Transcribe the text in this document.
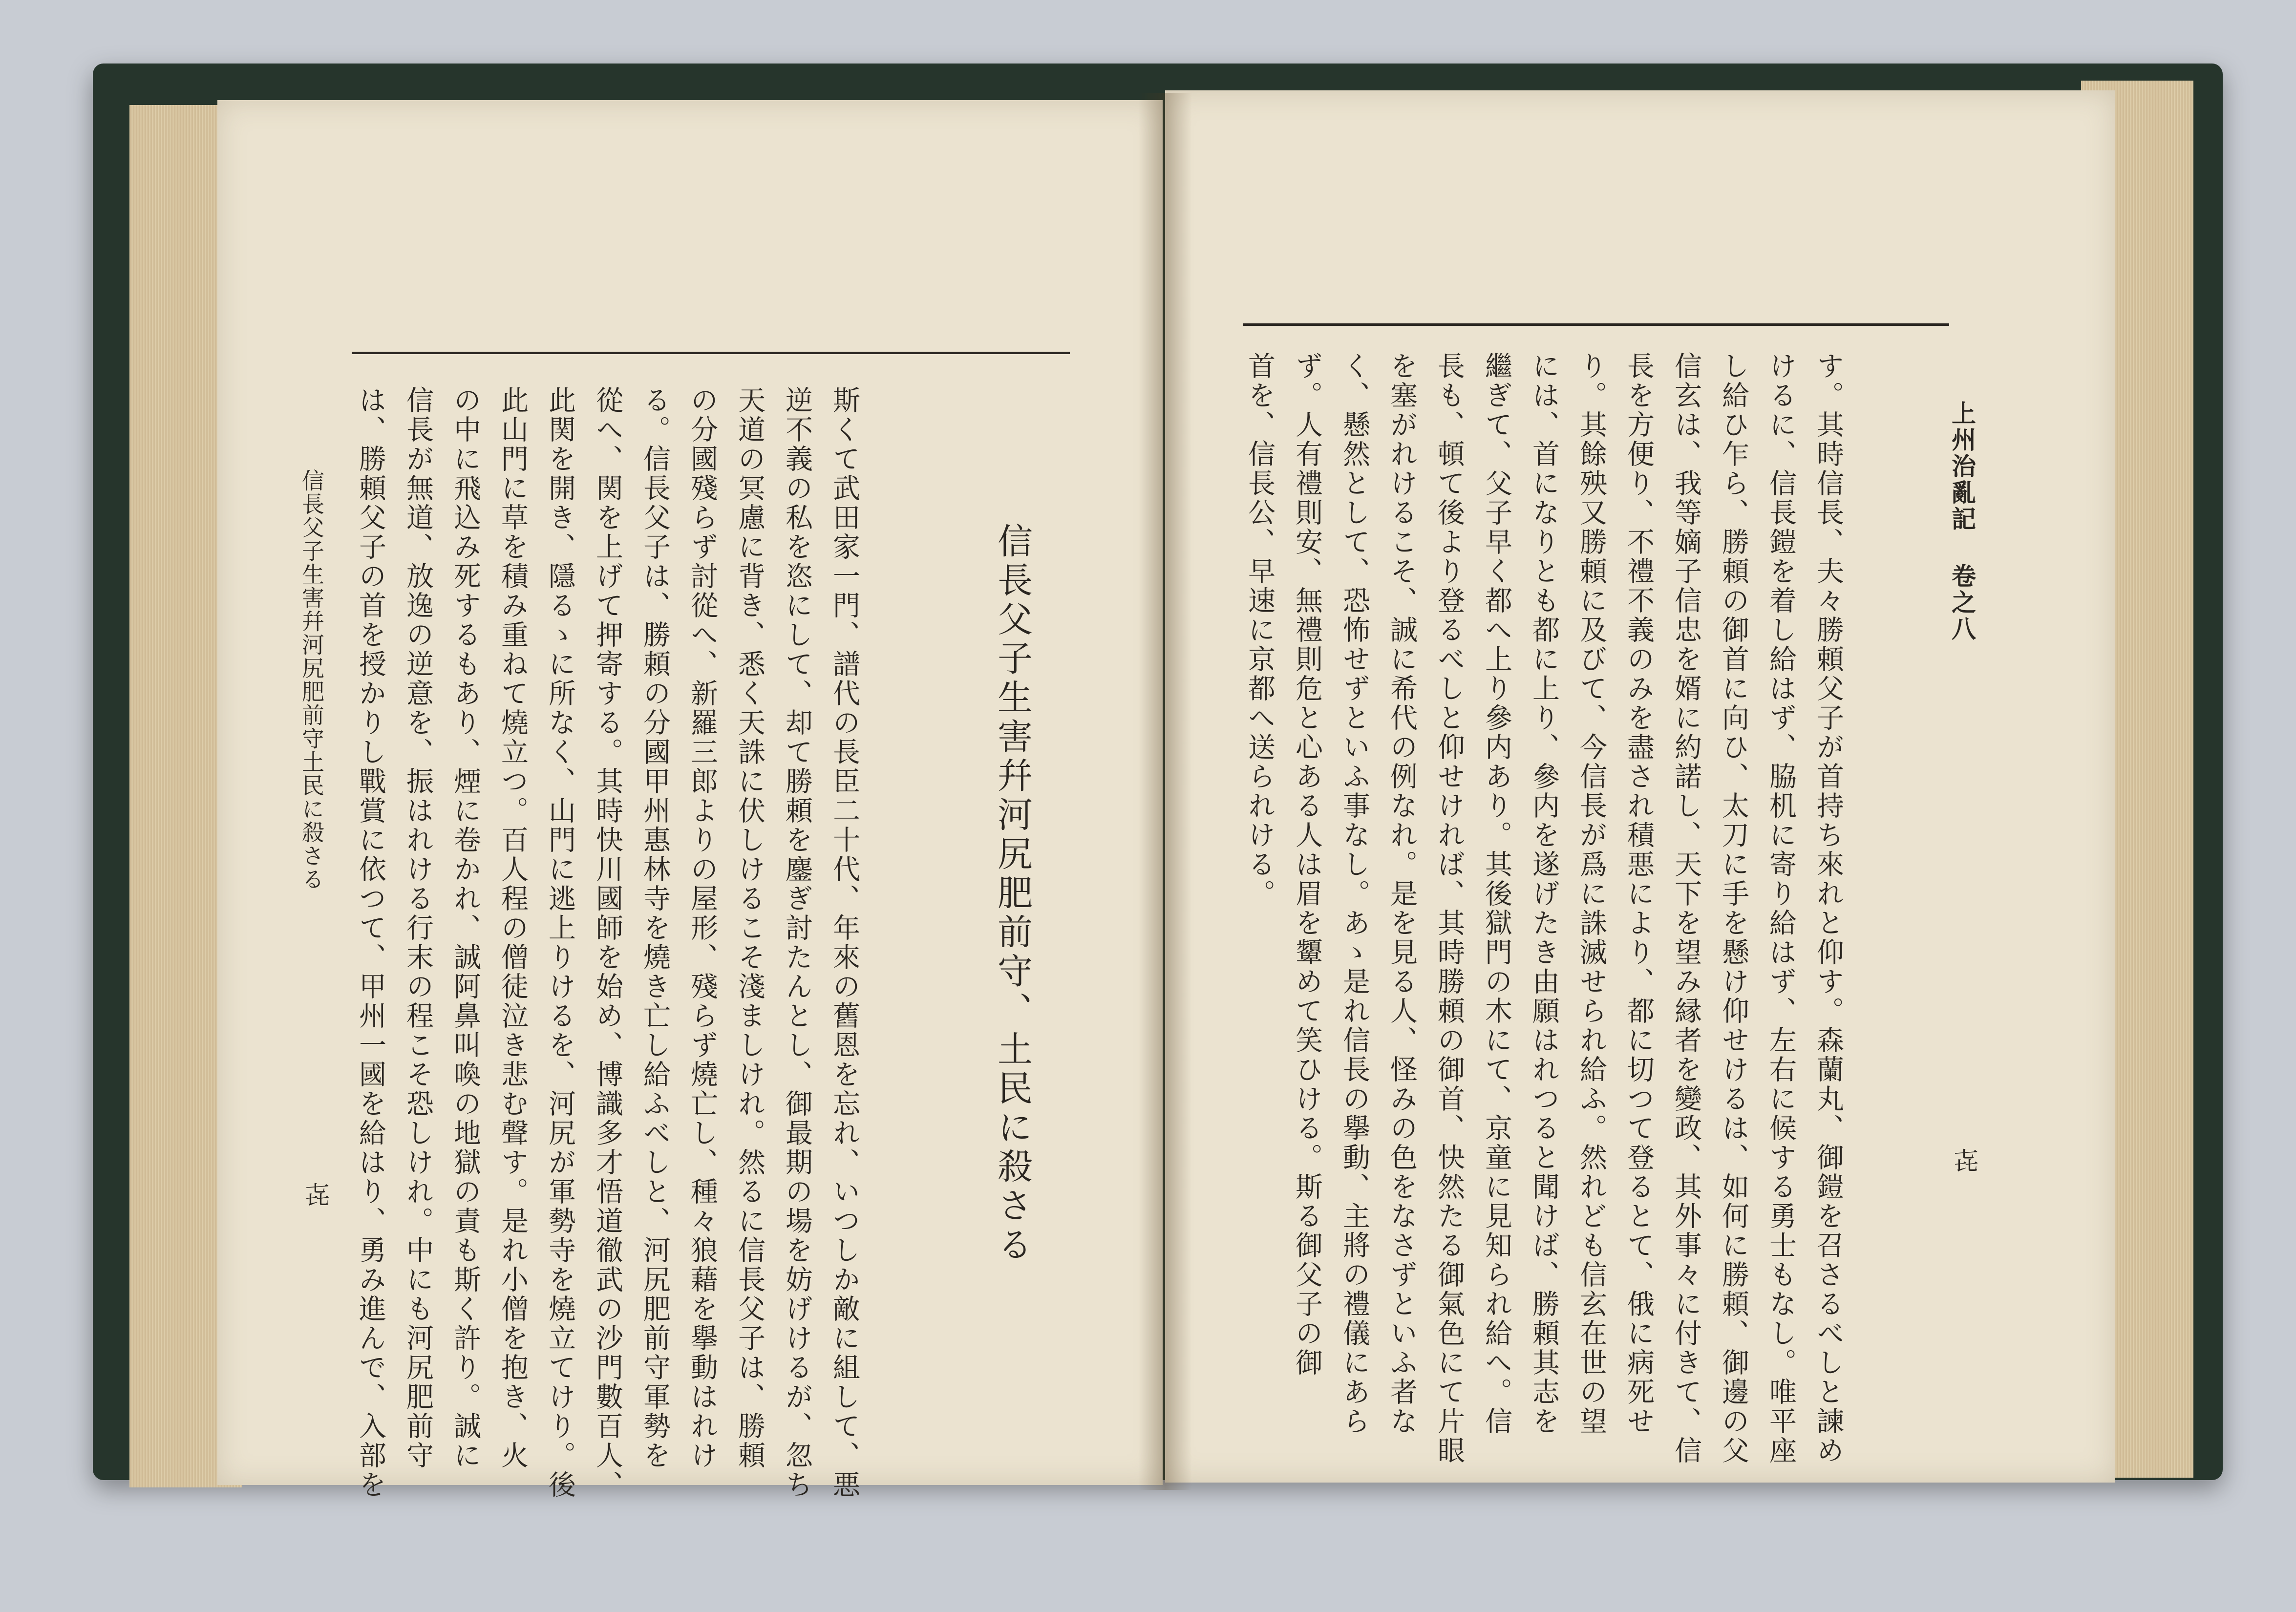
信長父子生害幷河尻肥前守土民に殺さる

㐂 は、勝頼父子の首を授かりし戰賞に依つて、甲州一國を給はり、勇み進んで、入部を 信長が無道、放逸の逆意を、振はれける行末の程こそ恐しけれ。中にも河尻肥前守 の中に飛込み死するもあり、煙に卷かれ、誠阿鼻叫喚の地獄の責も斯く許り。誠に 此山門に草を積み重ねて燒立つ。百人程の僧徒泣き悲む聲す。是れ小僧を抱き、火 此関を開き、隱るゝに所なく、山門に逃上りけるを、河尻が軍勢寺を燒立てけり。後 從へ、関を上げて押寄する。其時快川國師を始め、博識多才悟道徹武の沙門數百人、 る。信長父子は、勝頼の分國甲州惠林寺を燒き亡し給ふべしと、河尻肥前守軍勢を の分國殘らず討從へ、新羅三郎よりの屋形、殘らず燒亡し、種々狼藉を擧動はれけ 天道の冥慮に背き、悉く天誅に伏しけるこそ淺ましけれ。然るに信長父子は、勝頼 逆不義の私を恣にして、却て勝頼を鏖ぎ討たんとし、御最期の場を妨げけるが、忽ち 斯くて武田家一門、譜代の長臣二十代、年來の舊恩を忘れ、いつしか敵に組して、悪	信長父子生害幷河尻肥前守、土民に殺さる	首を、信長公、早速に京都へ送られける。 ず。人有禮則安、無禮則危と心ある人は眉を顰めて笑ひける。斯る御父子の御 く、懸然として、恐怖せずといふ事なし。あゝ是れ信長の擧動、主將の禮儀にあら を塞がれけるこそ、誠に希代の例なれ。是を見る人、怪みの色をなさずといふ者な 長も、頓て後より登るべしと仰せければ、其時勝頼の御首、快然たる御氣色にて片眼 繼ぎて、父子早く都へ上り參内あり。其後獄門の木にて、京童に見知られ給へ。信 には、首になりとも都に上り、參内を遂げたき由願はれつると聞けば、勝頼其志を り。其餘殃又勝頼に及びて、今信長が爲に誅滅せられ給ふ。然れども信玄在世の望 長を方便り、不禮不義のみを盡され積悪により、都に切つて登るとて、俄に病死せ 信玄は、我等嫡子信忠を婿に約諾し、天下を望み縁者を變政、其外事々に付きて、信 し給ひ乍ら、勝頼の御首に向ひ、太刀に手を懸け仰せけるは、如何に勝頼、御邊の父 けるに、信長鎧を着し給はず、脇机に寄り給はず、左右に候する勇士もなし。唯平座 す。其時信長、夫々勝頼父子が首持ち來れと仰す。森蘭丸、御鎧を召さるべしと諫め	上州治亂記 卷之八

㐂
